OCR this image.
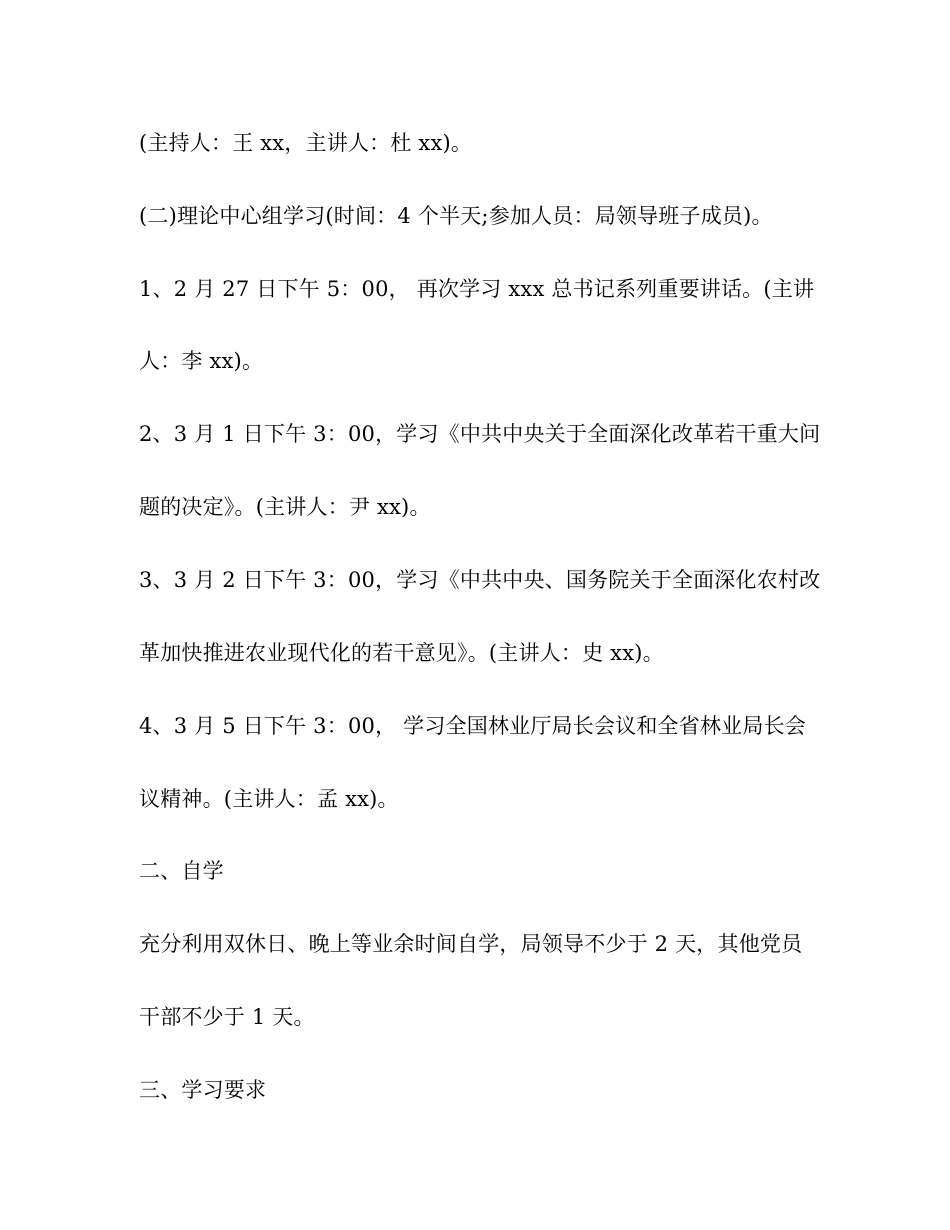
(主持人：王 xx，主讲人：杜 xx)。
(二)理论中心组学习(时间：4 个半天;参加人员：局领导班子成员)。
1、2 月 27 日下午 5：00， 再次学习 xxx 总书记系列重要讲话。(主讲
人：李 xx)。
2、3 月 1 日下午 3：00，学习《中共中央关于全面深化改革若干重大问
题的决定》。(主讲人：尹 xx)。
3、3 月 2 日下午 3：00，学习《中共中央、国务院关于全面深化农村改
革加快推进农业现代化的若干意见》。(主讲人：史 xx)。
4、3 月 5 日下午 3：00， 学习全国林业厅局长会议和全省林业局长会
议精神。(主讲人：孟 xx)。
二、自学
充分利用双休日、晚上等业余时间自学，局领导不少于 2 天，其他党员
干部不少于 1 天。
三、学习要求
